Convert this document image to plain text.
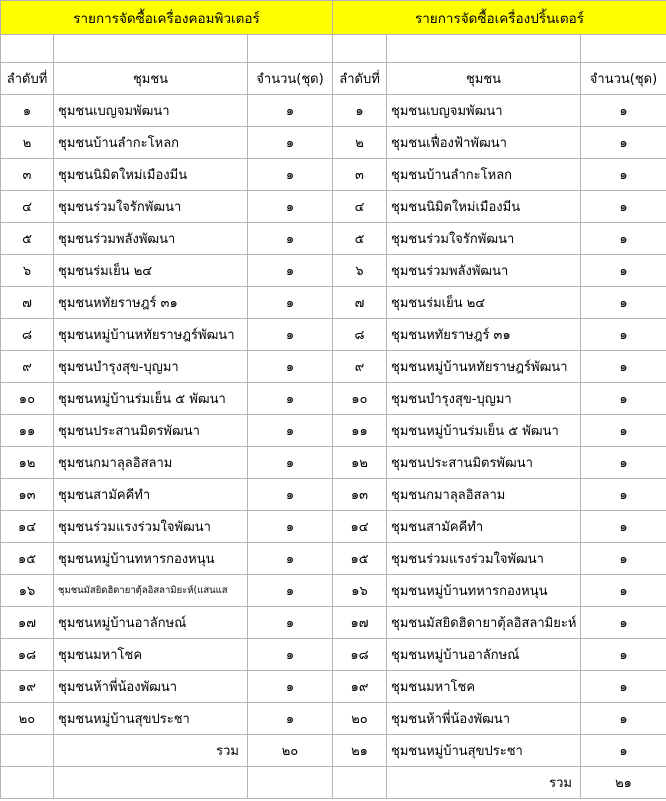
รายการจัดซื้อเครื่องคอมพิวเตอร์			รายการจัดซื้อเครื่องปริ้นเตอร์		

ลำดับที่	ชุมชน	จำนวน(ชุด)	ลำดับที่	ชุมชน	จำนวน(ชุด)
๑	ชุมชนเบญจมพัฒนา	๑	๑	ชุมชนเบญจมพัฒนา	๑
๒	ชุมชนบ้านลำกะโหลก	๑	๒	ชุมชนเฟื่องฟ้าพัฒนา	๑
๓	ชุมชนนิมิตใหม่เมืองมีน	๑	๓	ชุมชนบ้านลำกะโหลก	๑
๔	ชุมชนร่วมใจรักพัฒนา	๑	๔	ชุมชนนิมิตใหม่เมืองมีน	๑
๕	ชุมชนร่วมพลังพัฒนา	๑	๕	ชุมชนร่วมใจรักพัฒนา	๑
๖	ชุมชนร่มเย็น ๒๔	๑	๖	ชุมชนร่วมพลังพัฒนา	๑
๗	ชุมชนหทัยราษฎร์ ๓๑	๑	๗	ชุมชนร่มเย็น ๒๔	๑
๘	ชุมชนหมู่บ้านหทัยราษฎร์พัฒนา	๑	๘	ชุมชนหทัยราษฎร์ ๓๑	๑
๙	ชุมชนบำรุงสุข-บุญมา	๑	๙	ชุมชนหมู่บ้านหทัยราษฎร์พัฒนา	๑
๑๐	ชุมชนหมู่บ้านร่มเย็น ๕ พัฒนา	๑	๑๐	ชุมชนบำรุงสุข-บุญมา	๑
๑๑	ชุมชนประสานมิตรพัฒนา	๑	๑๑	ชุมชนหมู่บ้านร่มเย็น ๕ พัฒนา	๑
๑๒	ชุมชนกมาลุลอิสลาม	๑	๑๒	ชุมชนประสานมิตรพัฒนา	๑
๑๓	ชุมชนสามัคคีทำ	๑	๑๓	ชุมชนกมาลุลอิสลาม	๑
๑๔	ชุมชนร่วมแรงร่วมใจพัฒนา	๑	๑๔	ชุมชนสามัคคีทำ	๑
๑๕	ชุมชนหมู่บ้านทหารกองหนุน	๑	๑๕	ชุมชนร่วมแรงร่วมใจพัฒนา	๑
๑๖	ชุมชนมัสยิดฮิดายาตุ้ลอิสลามิยะห์(แสนแส	๑	๑๖	ชุมชนหมู่บ้านทหารกองหนุน	๑
๑๗	ชุมชนหมู่บ้านอาลักษณ์	๑	๑๗	ชุมชนมัสยิดฮิดายาตุ้ลอิสลามิยะห์	๑
๑๘	ชุมชนมหาโชค	๑	๑๘	ชุมชนหมู่บ้านอาลักษณ์	๑
๑๙	ชุมชนห้าพี่น้องพัฒนา	๑	๑๙	ชุมชนมหาโชค	๑
๒๐	ชุมชนหมู่บ้านสุขประชา	๑	๒๐	ชุมชนห้าพี่น้องพัฒนา	๑
	รวม	๒๐	๒๑	ชุมชนหมู่บ้านสุขประชา	๑
				รวม	๒๑
